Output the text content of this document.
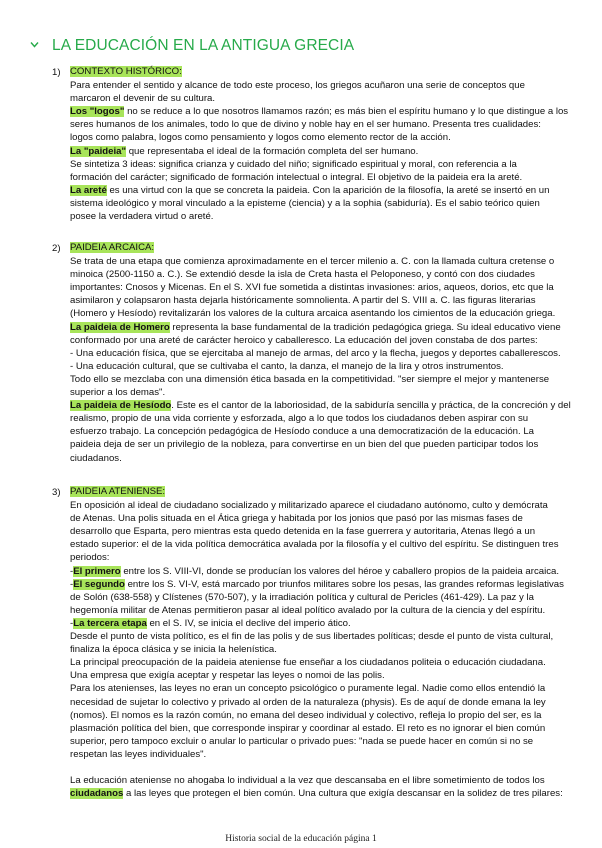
LA EDUCACIÓN EN LA ANTIGUA GRECIA
1) CONTEXTO HISTÓRICO:
Para entender el sentido y alcance de todo este proceso, los griegos acuñaron una serie de conceptos que
marcaron el devenir de su cultura.
Los "logos" no se reduce a lo que nosotros llamamos razón; es más bien el espíritu humano y lo que distingue a los
seres humanos de los animales, todo lo que de divino y noble hay en el ser humano. Presenta tres cualidades:
logos como palabra, logos como pensamiento y logos como elemento rector de la acción.
La "paideia" que representaba el ideal de la formación completa del ser humano.
Se sintetiza 3 ideas: significa crianza y cuidado del niño; significado espiritual y moral, con referencia a la
formación del carácter; significado de formación intelectual o integral. El objetivo de la paideia era la areté.
La areté es una virtud con la que se concreta la paideia. Con la aparición de la filosofía, la areté se insertó en un
sistema ideológico y moral vinculado a la episteme (ciencia) y a la sophia (sabiduría). Es el sabio teórico quien
posee la verdadera virtud o areté.
2) PAIDEIA ARCAICA:
Se trata de una etapa que comienza aproximadamente en el tercer milenio a. C. con la llamada cultura cretense o
minoica (2500-1150 a. C.). Se extendió desde la isla de Creta hasta el Peloponeso, y contó con dos ciudades
importantes: Cnosos y Micenas. En el S. XVI fue sometida a distintas invasiones: arios, aqueos, dorios, etc que la
asimilaron y colapsaron hasta dejarla históricamente somnolienta. A partir del S. VIII a. C. las figuras literarias
(Homero y Hesíodo) revitalizarán los valores de la cultura arcaica asentando los cimientos de la educación griega.
La paideia de Homero representa la base fundamental de la tradición pedagógica griega. Su ideal educativo viene
conformado por una areté de carácter heroico y caballeresco. La educación del joven constaba de dos partes:
- Una educación física, que se ejercitaba al manejo de armas, del arco y la flecha, juegos y deportes caballerescos.
- Una educación cultural, que se cultivaba el canto, la danza, el manejo de la lira y otros instrumentos.
Todo ello se mezclaba con una dimensión ética basada en la competitividad. "ser siempre el mejor y mantenerse
superior a los demas".
La paideia de Hesíodo. Este es el cantor de la laboriosidad, de la sabiduría sencilla y práctica, de la concreción y del
realismo, propio de una vida corriente y esforzada, algo a lo que todos los ciudadanos deben aspirar con su
esfuerzo trabajo. La concepción pedagógica de Hesíodo conduce a una democratización de la educación. La
paideia deja de ser un privilegio de la nobleza, para convertirse en un bien del que pueden participar todos los
ciudadanos.
3) PAIDEIA ATENIENSE:
En oposición al ideal de ciudadano socializado y militarizado aparece el ciudadano autónomo, culto y demócrata
de Atenas. Una polis situada en el Ática griega y habitada por los jonios que pasó por las mismas fases de
desarrollo que Esparta, pero mientras esta quedo detenida en la fase guerrera y autoritaria, Atenas llegó a un
estado superior: el de la vida política democrática avalada por la filosofía y el cultivo del espíritu. Se distinguen tres
periodos:
-El primero entre los S. VIII-VI, donde se producían los valores del héroe y caballero propios de la paideia arcaica.
-El segundo entre los S. VI-V, está marcado por triunfos militares sobre los pesas, las grandes reformas legislativas
de Solón (638-558) y Clístenes (570-507), y la irradiación política y cultural de Pericles (461-429). La paz y la
hegemonía militar de Atenas permitieron pasar al ideal político avalado por la cultura de la ciencia y del espíritu.
-La tercera etapa en el S. IV, se inicia el declive del imperio ático.
Desde el punto de vista político, es el fin de las polis y de sus libertades políticas; desde el punto de vista cultural,
finaliza la época clásica y se inicia la helenística.
La principal preocupación de la paideia ateniense fue enseñar a los ciudadanos politeia o educación ciudadana.
Una empresa que exigía aceptar y respetar las leyes o nomoi de las polis.
Para los atenienses, las leyes no eran un concepto psicológico o puramente legal. Nadie como ellos entendió la
necesidad de sujetar lo colectivo y privado al orden de la naturaleza (physis). Es de aquí de donde emana la ley
(nomos). El nomos es la razón común, no emana del deseo individual y colectivo, refleja lo propio del ser, es la
plasmación política del bien, que corresponde inspirar y coordinar al estado. El reto es no ignorar el bien común
superior, pero tampoco excluir o anular lo particular o privado pues: "nada se puede hacer en común si no se
respetan las leyes individuales".
La educación ateniense no ahogaba lo individual a la vez que descansaba en el libre sometimiento de todos los
ciudadanos a las leyes que protegen el bien común. Una cultura que exigía descansar en la solidez de tres pilares:
Historia social de la educación página 1
